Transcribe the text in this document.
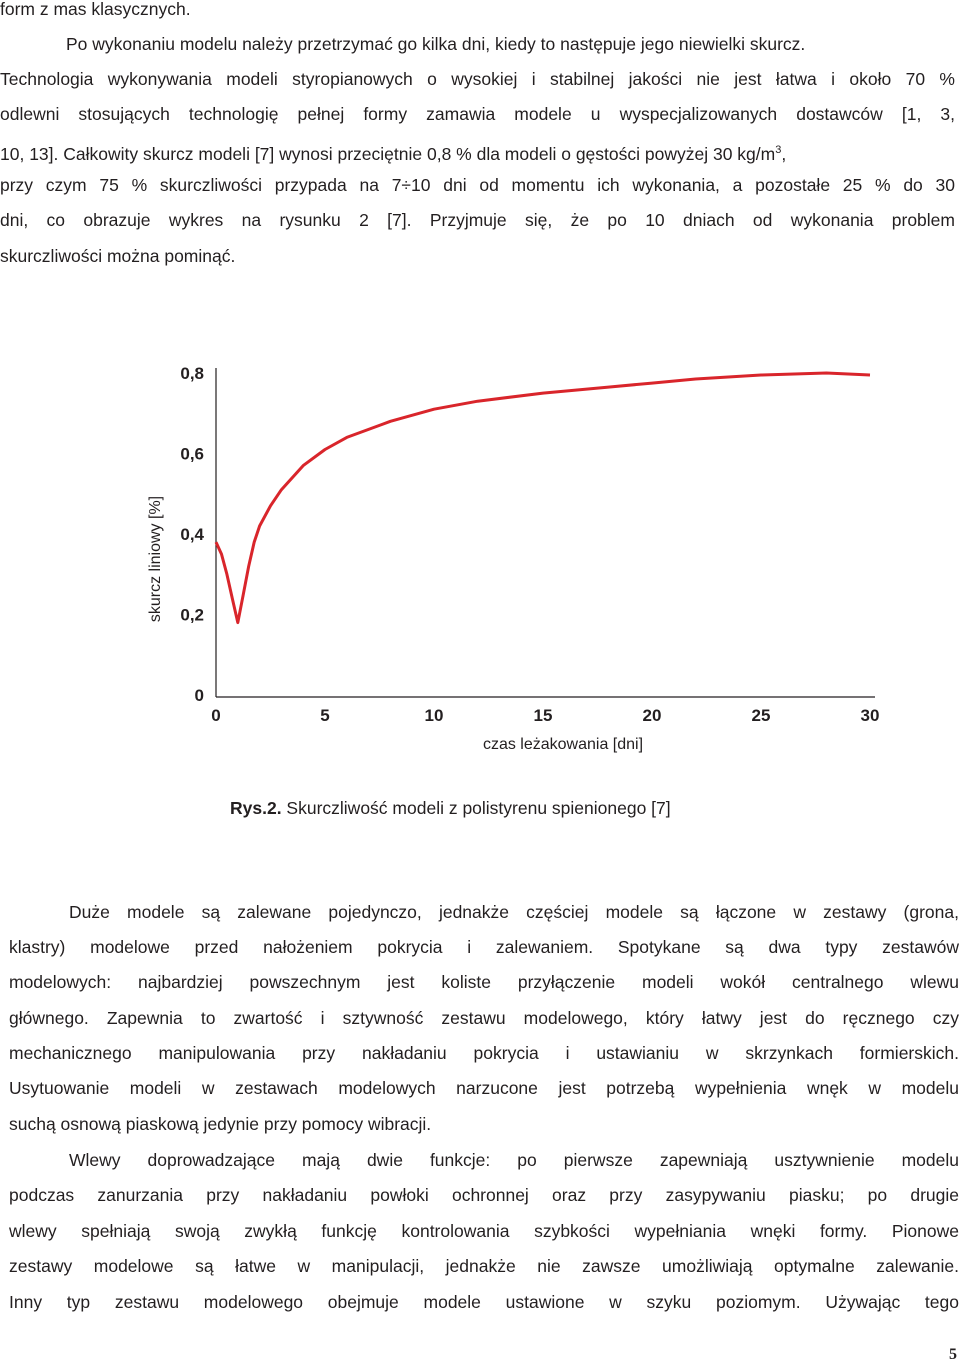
form z mas klasycznych.
Po wykonaniu modelu należy przetrzymać go kilka dni, kiedy to następuje jego niewielki skurcz.
Technologia wykonywania modeli styropianowych o wysokiej i stabilnej jakości nie jest łatwa i około 70 %
odlewni stosujących technologię pełnej formy zamawia modele u wyspecjalizowanych dostawców [1, 3,
10, 13]. Całkowity skurcz modeli [7] wynosi przeciętnie 0,8 % dla modeli o gęstości powyżej 30 $kg/m^3$,
przy czym 75 % skurczliwości przypada na 7÷10 dni od momentu ich wykonania, a pozostałe 25 % do 30
dni, co obrazuje wykres na rysunku 2 [7]. Przyjmuje się, że po 10 dniach od wykonania problem
skurczliwości można pominąć.
0
0,2
0,4
0,6
0,8
0	5	10	15	20	25	30
skurcz liniowy [%]
czas leżakowania [dni]
Rys.2. Skurczliwość modeli z polistyrenu spienionego [7]
Duże modele są zalewane pojedynczo, jednakże częściej modele są łączone w zestawy (grona,
klastry) modelowe przed nałożeniem pokrycia i zalewaniem. Spotykane są dwa typy zestawów
modelowych: najbardziej powszechnym jest koliste przyłączenie modeli wokół centralnego wlewu
głównego. Zapewnia to zwartość i sztywność zestawu modelowego, który łatwy jest do ręcznego czy
mechanicznego manipulowania przy nakładaniu pokrycia i ustawianiu w skrzynkach formierskich.
Usytuowanie modeli w zestawach modelowych narzucone jest potrzebą wypełnienia wnęk w modelu
suchą osnową piaskową jedynie przy pomocy wibracji.
Wlewy doprowadzające mają dwie funkcje: po pierwsze zapewniają usztywnienie modelu
podczas zanurzania przy nakładaniu powłoki ochronnej oraz przy zasypywaniu piasku; po drugie
wlewy spełniają swoją zwykłą funkcję kontrolowania szybkości wypełniania wnęki formy. Pionowe
zestawy modelowe są łatwe w manipulacji, jednakże nie zawsze umożliwiają optymalne zalewanie.
Inny typ zestawu modelowego obejmuje modele ustawione w szyku poziomym. Używając tego
5
